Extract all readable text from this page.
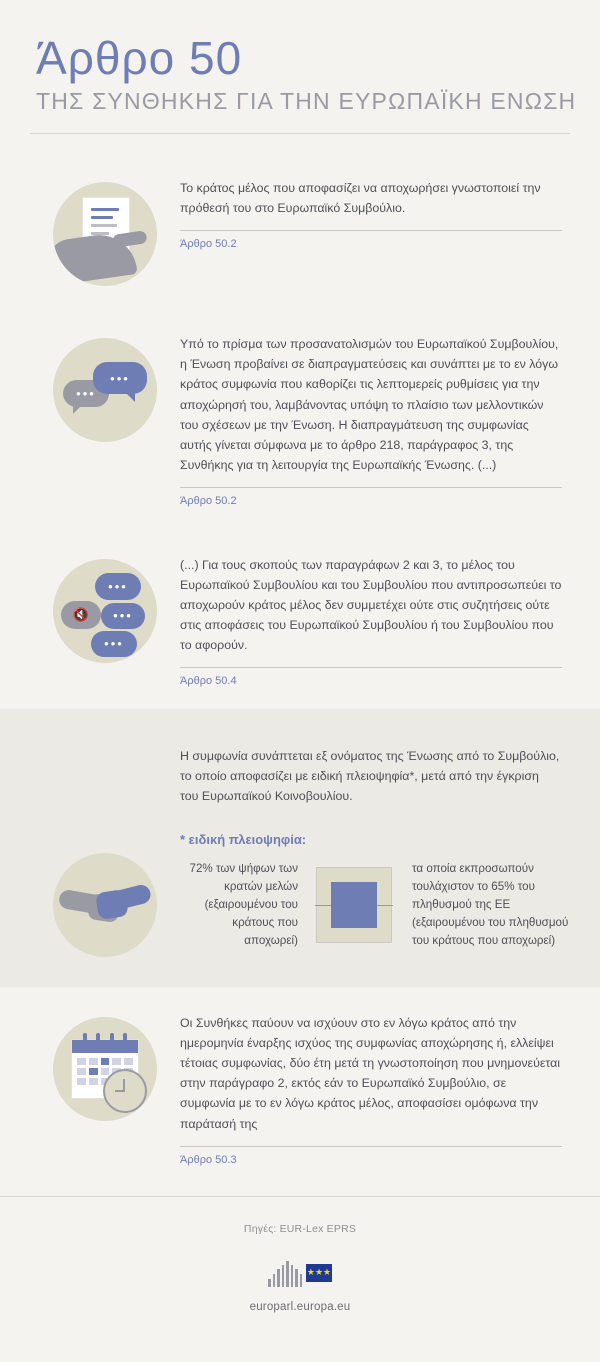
Άρθρο 50
ΤΗΣ ΣΥΝΘΗΚΗΣ ΓΙΑ ΤΗΝ ΕΥΡΩΠΑΪΚΗ ΕΝΩΣΗ

Το κράτος μέλος που αποφασίζει να αποχωρήσει γνωστοποιεί την πρόθεσή του στο Ευρωπαϊκό Συμβούλιο.

Άρθρο 50.2

•••
•••

Υπό το πρίσμα των προσανατολισμών του Ευρωπαϊκού Συμβουλίου, η Ένωση προβαίνει σε διαπραγματεύσεις και συνάπτει με το εν λόγω κράτος συμφωνία που καθορίζει τις λεπτομερείς ρυθμίσεις για την αποχώρησή του, λαμβάνοντας υπόψη το πλαίσιο των μελλοντικών του σχέσεων με την Ένωση. Η διαπραγμάτευση της συμφωνίας αυτής γίνεται σύμφωνα με το άρθρο 218, παράγραφος 3, της Συνθήκης για τη λειτουργία της Ευρωπαϊκής Ένωσης. (...)

Άρθρο 50.2

•••
•••
•••
🔇

(...) Για τους σκοπούς των παραγράφων 2 και 3, το μέλος του Ευρωπαϊκού Συμβουλίου και του Συμβουλίου που αντιπροσωπεύει το αποχωρούν κράτος μέλος δεν συμμετέχει ούτε στις συζητήσεις ούτε στις αποφάσεις του Ευρωπαϊκού Συμβουλίου ή του Συμβουλίου που το αφορούν.

Άρθρο 50.4

Η συμφωνία συνάπτεται εξ ονόματος της Ένωσης από το Συμβούλιο, το οποίο αποφασίζει με ειδική πλειοψηφία*, μετά από την έγκριση του Ευρωπαϊκού Κοινοβουλίου.

* ειδική πλειοψηφία:
72% των ψήφων των κρατών μελών (εξαιρουμένου του κράτους που αποχωρεί)
τα οποία εκπροσωπούν τουλάχιστον το 65% του πληθυσμού της ΕΕ (εξαιρουμένου του πληθυσμού του κράτους που αποχωρεί)

Οι Συνθήκες παύουν να ισχύουν στο εν λόγω κράτος από την ημερομηνία έναρξης ισχύος της συμφωνίας αποχώρησης ή, ελλείψει τέτοιας συμφωνίας, δύο έτη μετά τη γνωστοποίηση που μνημονεύεται στην παράγραφο 2, εκτός εάν το Ευρωπαϊκό Συμβούλιο, σε συμφωνία με το εν λόγω κράτος μέλος, αποφασίσει ομόφωνα την παράτασή της

Άρθρο 50.3

Πηγές: EUR-Lex EPRS
★★★
europarl.europa.eu
